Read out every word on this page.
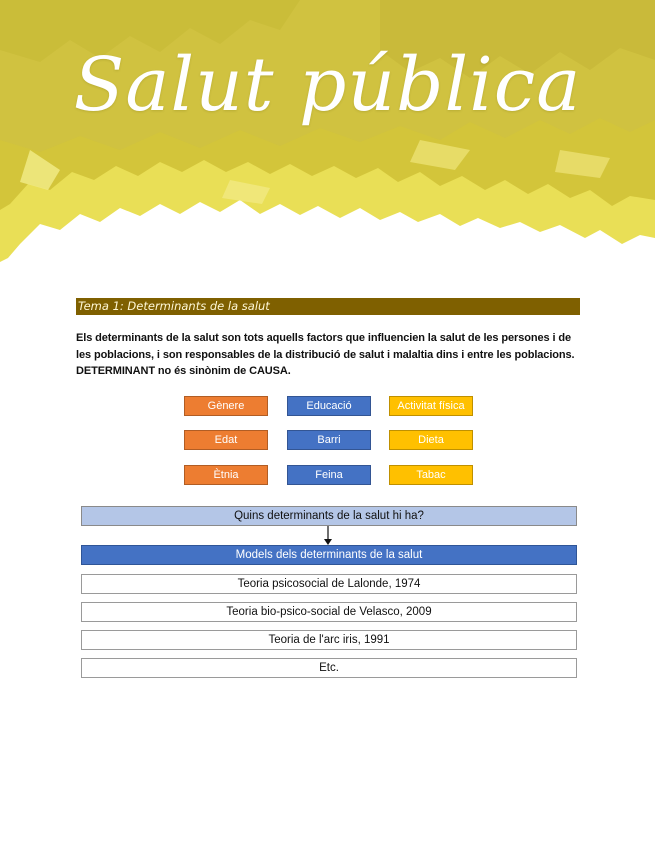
Salut pública
Tema 1: Determinants de la salut
Els determinants de la salut son tots aquells factors que influencien la salut de les persones i de les poblacions, i son responsables de la distribució de salut i malaltia dins i entre les poblacions. DETERMINANT no és sinònim de CAUSA.
Gènere
Edat
Ètnia
Educació
Barri
Feina
Activitat física
Dieta
Tabac
Quins determinants de la salut hi ha?
Models dels determinants de la salut
Teoria psicosocial de Lalonde, 1974
Teoria bio-psico-social de Velasco, 2009
Teoria de l'arc iris, 1991
Etc.
